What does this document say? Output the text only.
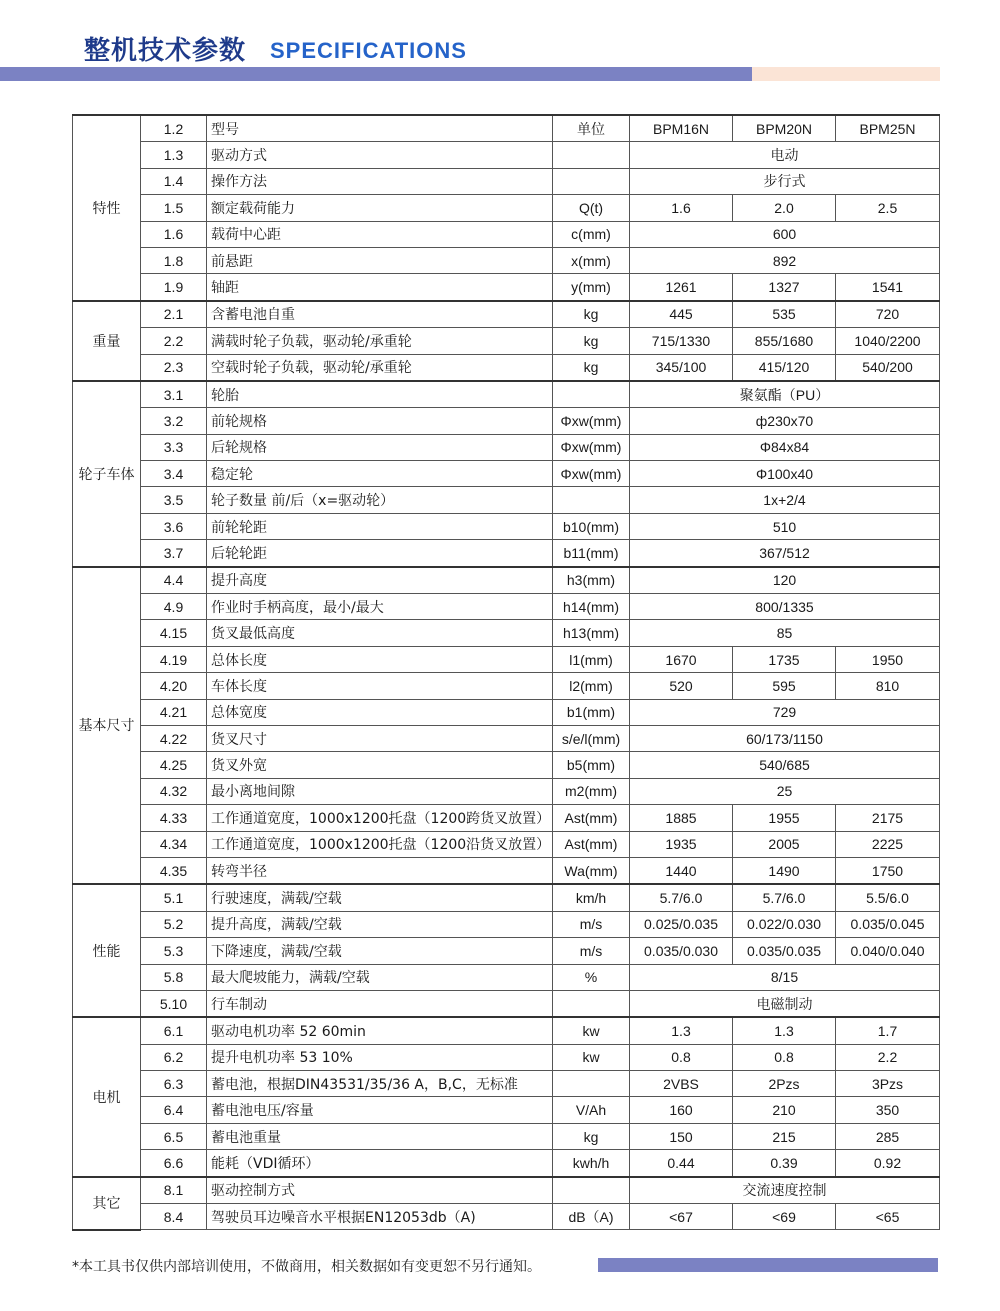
整机技术参数 SPECIFICATIONS
特性	1.2	型号	单位	BPM16N	BPM20N	BPM25N
	1.3	驱动方式		电动		
	1.4	操作方法		步行式		
	1.5	额定载荷能力	Q(t)	1.6	2.0	2.5
	1.6	载荷中心距	c(mm)	600		
	1.8	前悬距	x(mm)	892		
	1.9	轴距	y(mm)	1261	1327	1541
重量	2.1	含蓄电池自重	kg	445	535	720
	2.2	满载时轮子负载，驱动轮/承重轮	kg	715/1330	855/1680	1040/2200
	2.3	空载时轮子负载，驱动轮/承重轮	kg	345/100	415/120	540/200
轮子车体	3.1	轮胎		聚氨酯（PU）		
	3.2	前轮规格	Φxw(mm)	ф230x70		
	3.3	后轮规格	Φxw(mm)	Φ84x84		
	3.4	稳定轮	Φxw(mm)	Φ100x40		
	3.5	轮子数量 前/后（x=驱动轮）		1x+2/4		
	3.6	前轮轮距	b10(mm)	510		
	3.7	后轮轮距	b11(mm)	367/512		
基本尺寸	4.4	提升高度	h3(mm)	120		
	4.9	作业时手柄高度，最小/最大	h14(mm)	800/1335		
	4.15	货叉最低高度	h13(mm)	85		
	4.19	总体长度	l1(mm)	1670	1735	1950
	4.20	车体长度	l2(mm)	520	595	810
	4.21	总体宽度	b1(mm)	729		
	4.22	货叉尺寸	s/e/l(mm)	60/173/1150		
	4.25	货叉外宽	b5(mm)	540/685		
	4.32	最小离地间隙	m2(mm)	25		
	4.33	工作通道宽度，1000x1200托盘（1200跨货叉放置）	Ast(mm)	1885	1955	2175
	4.34	工作通道宽度，1000x1200托盘（1200沿货叉放置）	Ast(mm)	1935	2005	2225
	4.35	转弯半径	Wa(mm)	1440	1490	1750
性能	5.1	行驶速度，满载/空载	km/h	5.7/6.0	5.7/6.0	5.5/6.0
	5.2	提升高度，满载/空载	m/s	0.025/0.035	0.022/0.030	0.035/0.045
	5.3	下降速度，满载/空载	m/s	0.035/0.030	0.035/0.035	0.040/0.040
	5.8	最大爬坡能力，满载/空载	%	8/15		
	5.10	行车制动		电磁制动		
电机	6.1	驱动电机功率 52 60min	kw	1.3	1.3	1.7
	6.2	提升电机功率 53 10%	kw	0.8	0.8	2.2
	6.3	蓄电池，根据DIN43531/35/36 A，B,C，无标准		2VBS	2Pzs	3Pzs
	6.4	蓄电池电压/容量	V/Ah	160	210	350
	6.5	蓄电池重量	kg	150	215	285
	6.6	能耗（VDI循环）	kwh/h	0.44	0.39	0.92
其它	8.1	驱动控制方式		交流速度控制		
	8.4	驾驶员耳边噪音水平根据EN12053db（A)	dB（A)	<67	<69	<65
*本工具书仅供内部培训使用，不做商用，相关数据如有变更恕不另行通知。
